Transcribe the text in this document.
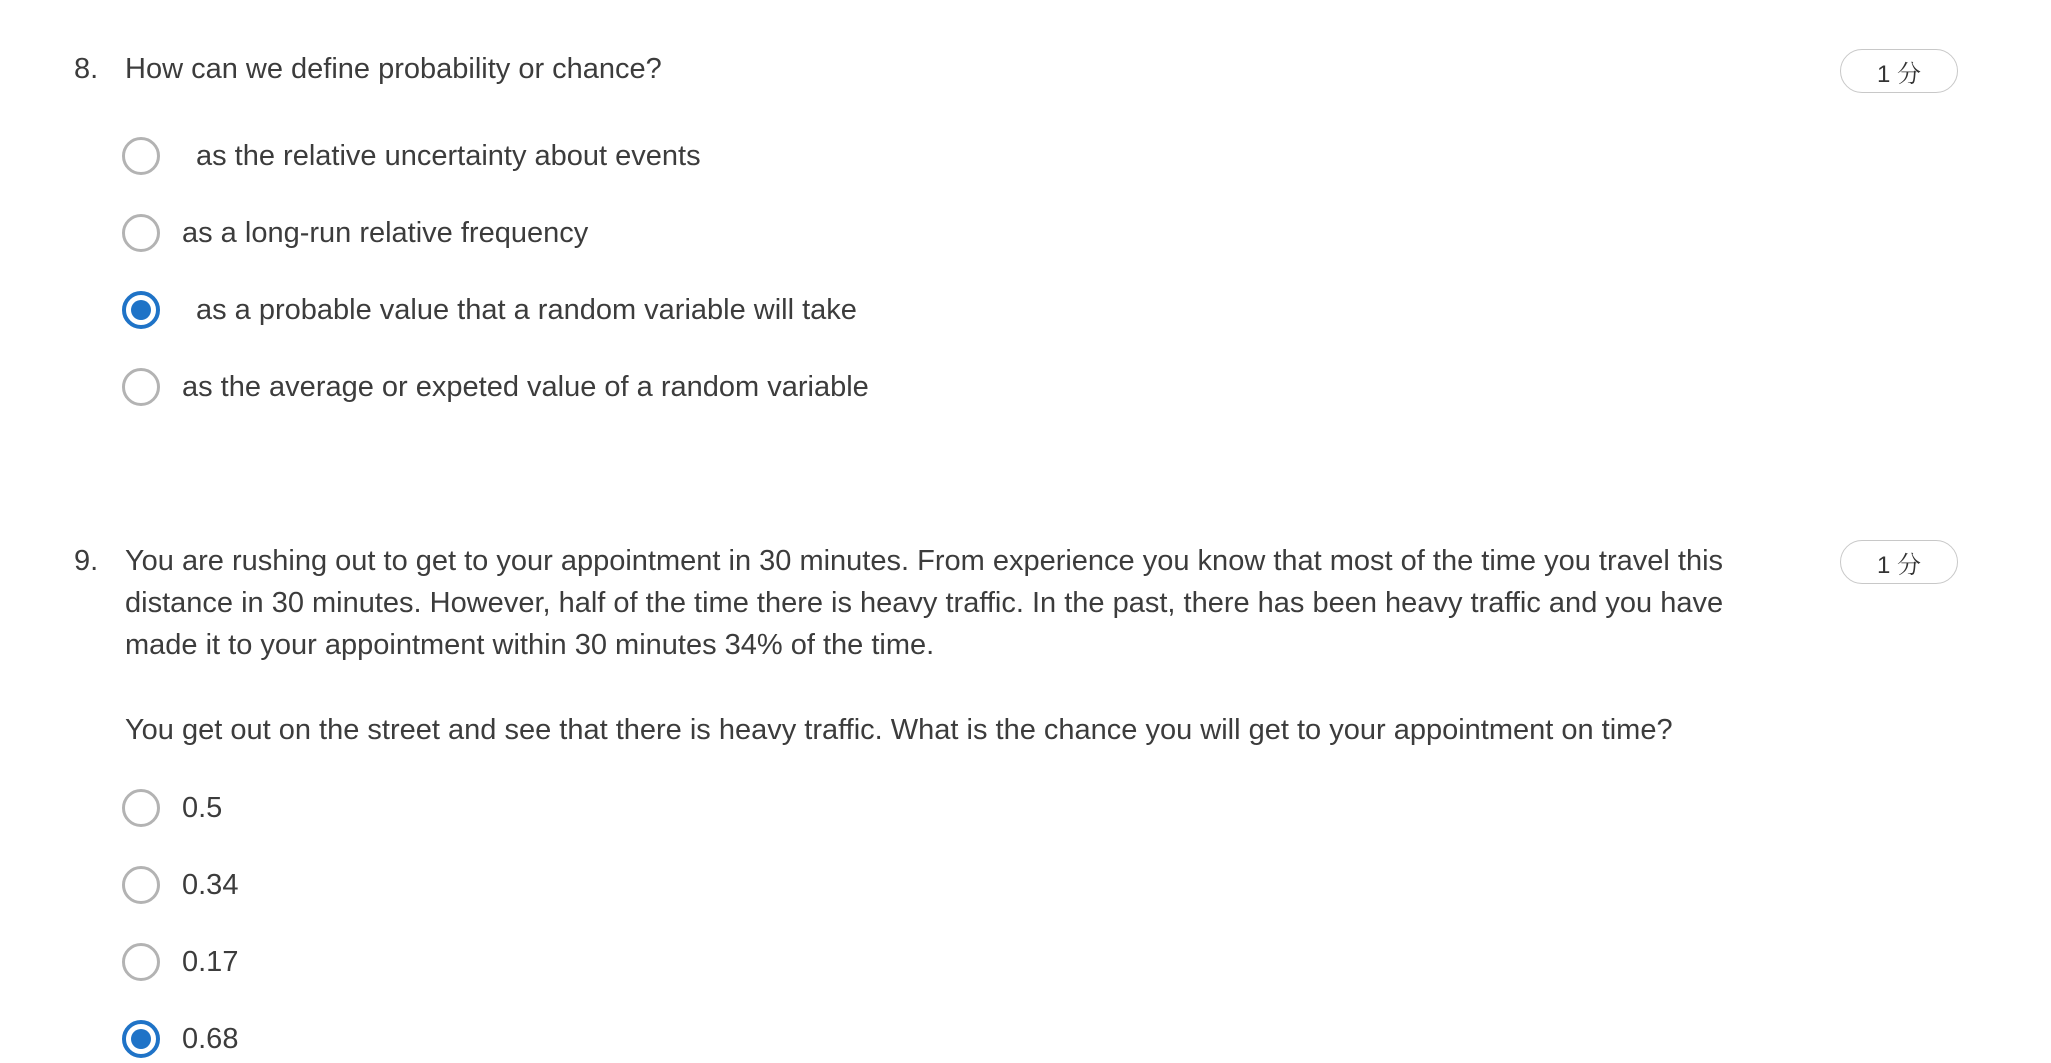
8. How can we define probability or chance?	1 分
as the relative uncertainty about events
as a long-run relative frequency
as a probable value that a random variable will take
as the average or expeted value of a random variable
9. You are rushing out to get to your appointment in 30 minutes. From experience you know that most of the time you travel this distance in 30 minutes. However, half of the time there is heavy traffic. In the past, there has been heavy traffic and you have made it to your appointment within 30 minutes 34% of the time.

1 分

You get out on the street and see that there is heavy traffic. What is the chance you will get to your appointment on time?

0.5
0.34
0.17
0.68
